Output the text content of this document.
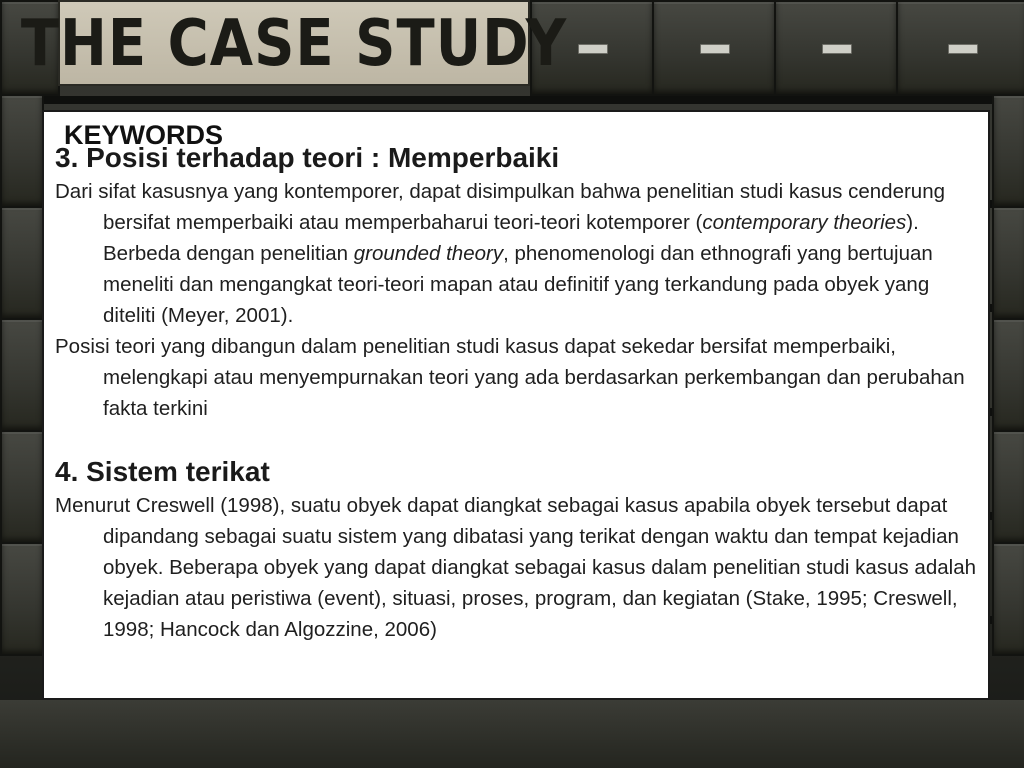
THE CASE STUDY
KEYWORDS
3. Posisi terhadap teori : Memperbaiki

Dari sifat kasusnya yang kontemporer, dapat disimpulkan bahwa penelitian studi kasus cenderung bersifat memperbaiki atau memperbaharui teori-teori kotemporer (contemporary theories). Berbeda dengan penelitian grounded theory, phenomenologi dan ethnografi yang bertujuan meneliti dan mengangkat teori-teori mapan atau definitif yang terkandung pada obyek yang diteliti (Meyer, 2001).

Posisi teori yang dibangun dalam penelitian studi kasus dapat sekedar bersifat memperbaiki, melengkapi atau menyempurnakan teori yang ada berdasarkan perkembangan dan perubahan fakta terkini

4. Sistem terikat

Menurut Creswell (1998), suatu obyek dapat diangkat sebagai kasus apabila obyek tersebut dapat dipandang sebagai suatu sistem yang dibatasi yang terikat dengan waktu dan tempat kejadian obyek. Beberapa obyek yang dapat diangkat sebagai kasus dalam penelitian studi kasus adalah kejadian atau peristiwa (event), situasi, proses, program, dan kegiatan (Stake, 1995; Creswell, 1998; Hancock dan Algozzine, 2006)
